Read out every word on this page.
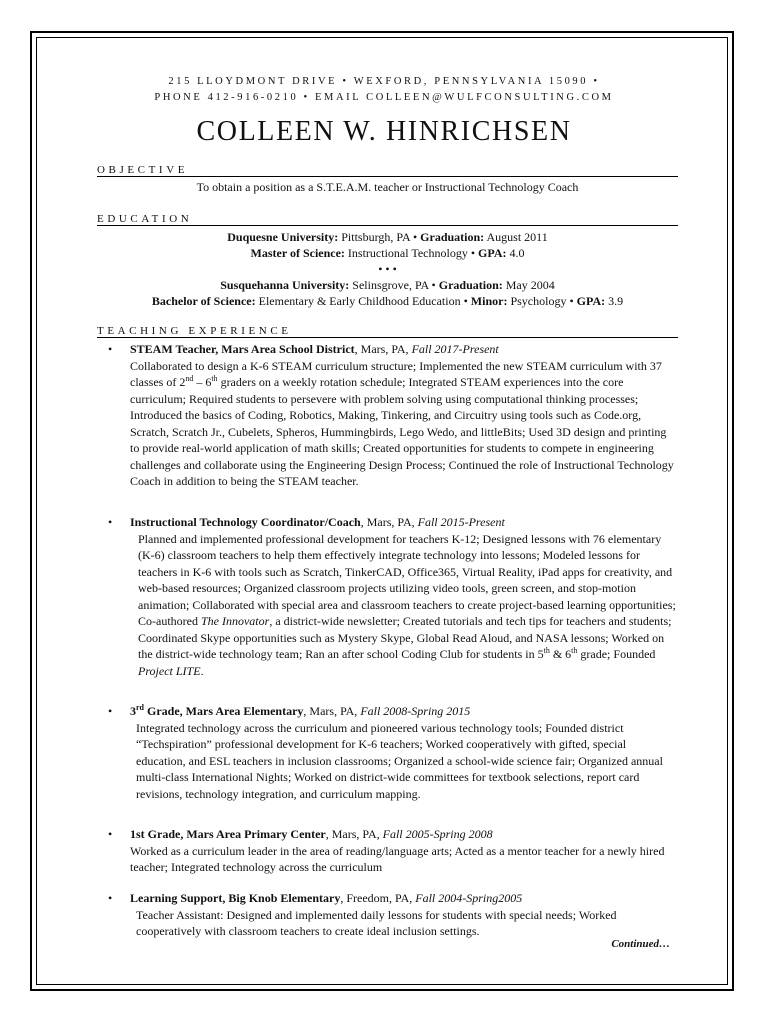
215 LLOYDMONT DRIVE • WEXFORD, PENNSYLVANIA 15090 •
PHONE 412-916-0210 • EMAIL COLLEEN@WULFCONSULTING.COM
COLLEEN W. HINRICHSEN
OBJECTIVE
To obtain a position as a S.T.E.A.M. teacher or Instructional Technology Coach
EDUCATION
Duquesne University: Pittsburgh, PA • Graduation: August 2011
Master of Science: Instructional Technology • GPA: 4.0
• • •
Susquehanna University: Selinsgrove, PA • Graduation: May 2004
Bachelor of Science: Elementary & Early Childhood Education • Minor: Psychology • GPA: 3.9
TEACHING EXPERIENCE
• STEAM Teacher, Mars Area School District, Mars, PA, Fall 2017-Present
Collaborated to design a K-6 STEAM curriculum structure; Implemented the new STEAM curriculum with 37 classes of 2nd – 6th graders on a weekly rotation schedule; Integrated STEAM experiences into the core curriculum; Required students to persevere with problem solving using computational thinking processes; Introduced the basics of Coding, Robotics, Making, Tinkering, and Circuitry using tools such as Code.org, Scratch, Scratch Jr., Cubelets, Spheros, Hummingbirds, Lego Wedo, and littleBits; Used 3D design and printing to provide real-world application of math skills; Created opportunities for students to compete in engineering challenges and collaborate using the Engineering Design Process; Continued the role of Instructional Technology Coach in addition to being the STEAM teacher.
• Instructional Technology Coordinator/Coach, Mars, PA, Fall 2015-Present
Planned and implemented professional development for teachers K-12; Designed lessons with 76 elementary (K-6) classroom teachers to help them effectively integrate technology into lessons; Modeled lessons for teachers in K-6 with tools such as Scratch, TinkerCAD, Office365, Virtual Reality, iPad apps for creativity, and web-based resources; Organized classroom projects utilizing video tools, green screen, and stop-motion animation; Collaborated with special area and classroom teachers to create project-based learning opportunities; Co-authored The Innovator, a district-wide newsletter; Created tutorials and tech tips for teachers and students; Coordinated Skype opportunities such as Mystery Skype, Global Read Aloud, and NASA lessons; Worked on the district-wide technology team; Ran an after school Coding Club for students in 5th & 6th grade; Founded Project LITE.
• 3rd Grade, Mars Area Elementary, Mars, PA, Fall 2008-Spring 2015
Integrated technology across the curriculum and pioneered various technology tools; Founded district “Techspiration” professional development for K-6 teachers; Worked cooperatively with gifted, special education, and ESL teachers in inclusion classrooms; Organized a school-wide science fair; Organized annual multi-class International Nights; Worked on district-wide committees for textbook selections, report card revisions, technology integration, and curriculum mapping.
• 1st Grade, Mars Area Primary Center, Mars, PA, Fall 2005-Spring 2008
Worked as a curriculum leader in the area of reading/language arts; Acted as a mentor teacher for a newly hired teacher; Integrated technology across the curriculum
• Learning Support, Big Knob Elementary, Freedom, PA, Fall 2004-Spring2005
Teacher Assistant: Designed and implemented daily lessons for students with special needs; Worked cooperatively with classroom teachers to create ideal inclusion settings.
Continued…
